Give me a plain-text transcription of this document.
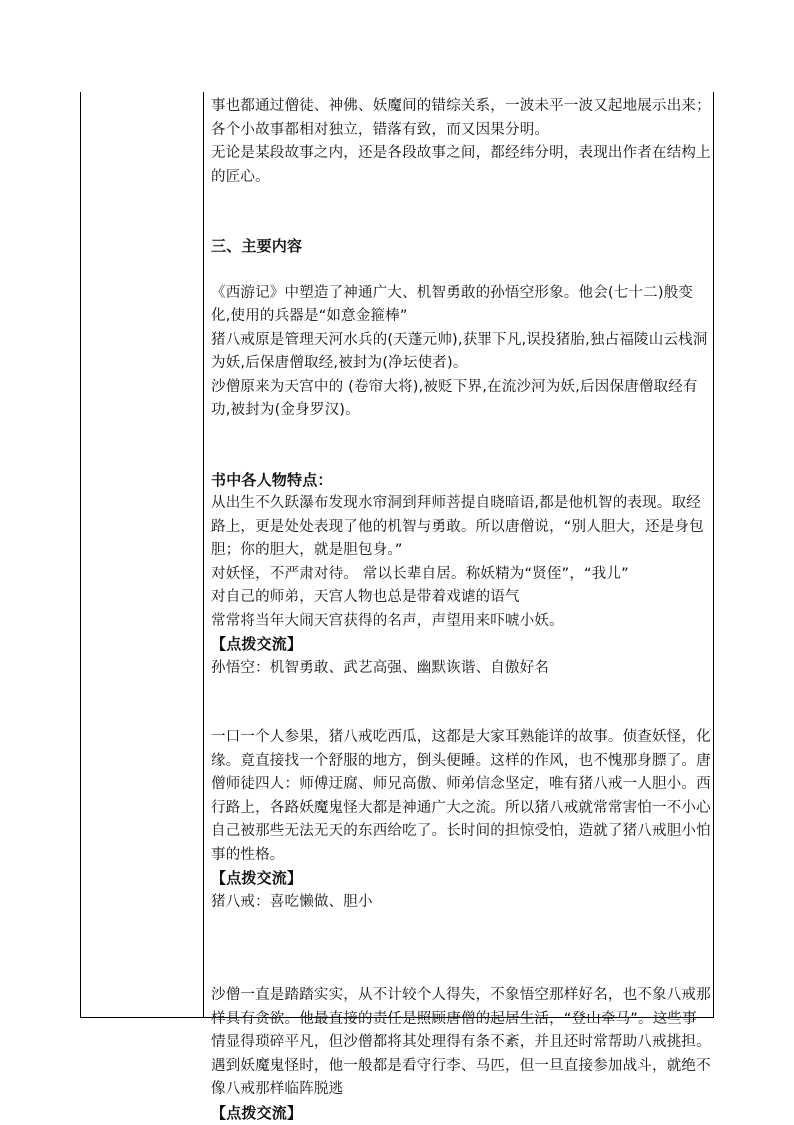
事也都通过僧徒、神佛、妖魔间的错综关系，一波未平一波又起地展示出来；各个小故事都相对独立，错落有致，而又因果分明。

无论是某段故事之内，还是各段故事之间，都经纬分明，表现出作者在结构上的匠心。

三、主要内容

《西游记》中塑造了神通广大、机智勇敢的孙悟空形象。他会(七十二)般变化,使用的兵器是“如意金箍棒”

猪八戒原是管理天河水兵的(天蓬元帅),获罪下凡,误投猪胎,独占福陵山云栈洞为妖,后保唐僧取经,被封为(净坛使者)。

沙僧原来为天宫中的 (卷帘大将),被贬下界,在流沙河为妖,后因保唐僧取经有功,被封为(金身罗汉)。

书中各人物特点：

从出生不久跃瀑布发现水帘洞到拜师菩提自晓暗语,都是他机智的表现。取经路上，更是处处表现了他的机智与勇敢。所以唐僧说，“别人胆大，还是身包胆；你的胆大，就是胆包身。”

对妖怪，不严肃对待。 常以长辈自居。称妖精为“贤侄”，“我儿”

对自己的师弟，天宫人物也总是带着戏谑的语气

常常将当年大闹天宫获得的名声，声望用来吓唬小妖。

【点拨交流】

孙悟空：机智勇敢、武艺高强、幽默诙谐、自傲好名

一口一个人参果，猪八戒吃西瓜，这都是大家耳熟能详的故事。侦查妖怪，化缘。竟直接找一个舒服的地方，倒头便睡。这样的作风，也不愧那身膘了。唐僧师徒四人：师傅迂腐、师兄高傲、师弟信念坚定，唯有猪八戒一人胆小。西行路上，各路妖魔鬼怪大都是神通广大之流。所以猪八戒就常常害怕一不小心自己被那些无法无天的东西给吃了。长时间的担惊受怕，造就了猪八戒胆小怕事的性格。

【点拨交流】

猪八戒：喜吃懒做、胆小

沙僧一直是踏踏实实，从不计较个人得失，不象悟空那样好名，也不象八戒那样具有贪欲。他最直接的责任是照顾唐僧的起居生活，“登山牵马”。这些事情显得琐碎平凡，但沙僧都将其处理得有条不紊，并且还时常帮助八戒挑担。遇到妖魔鬼怪时，他一般都是看守行李、马匹，但一旦直接参加战斗，就绝不像八戒那样临阵脱逃

【点拨交流】
